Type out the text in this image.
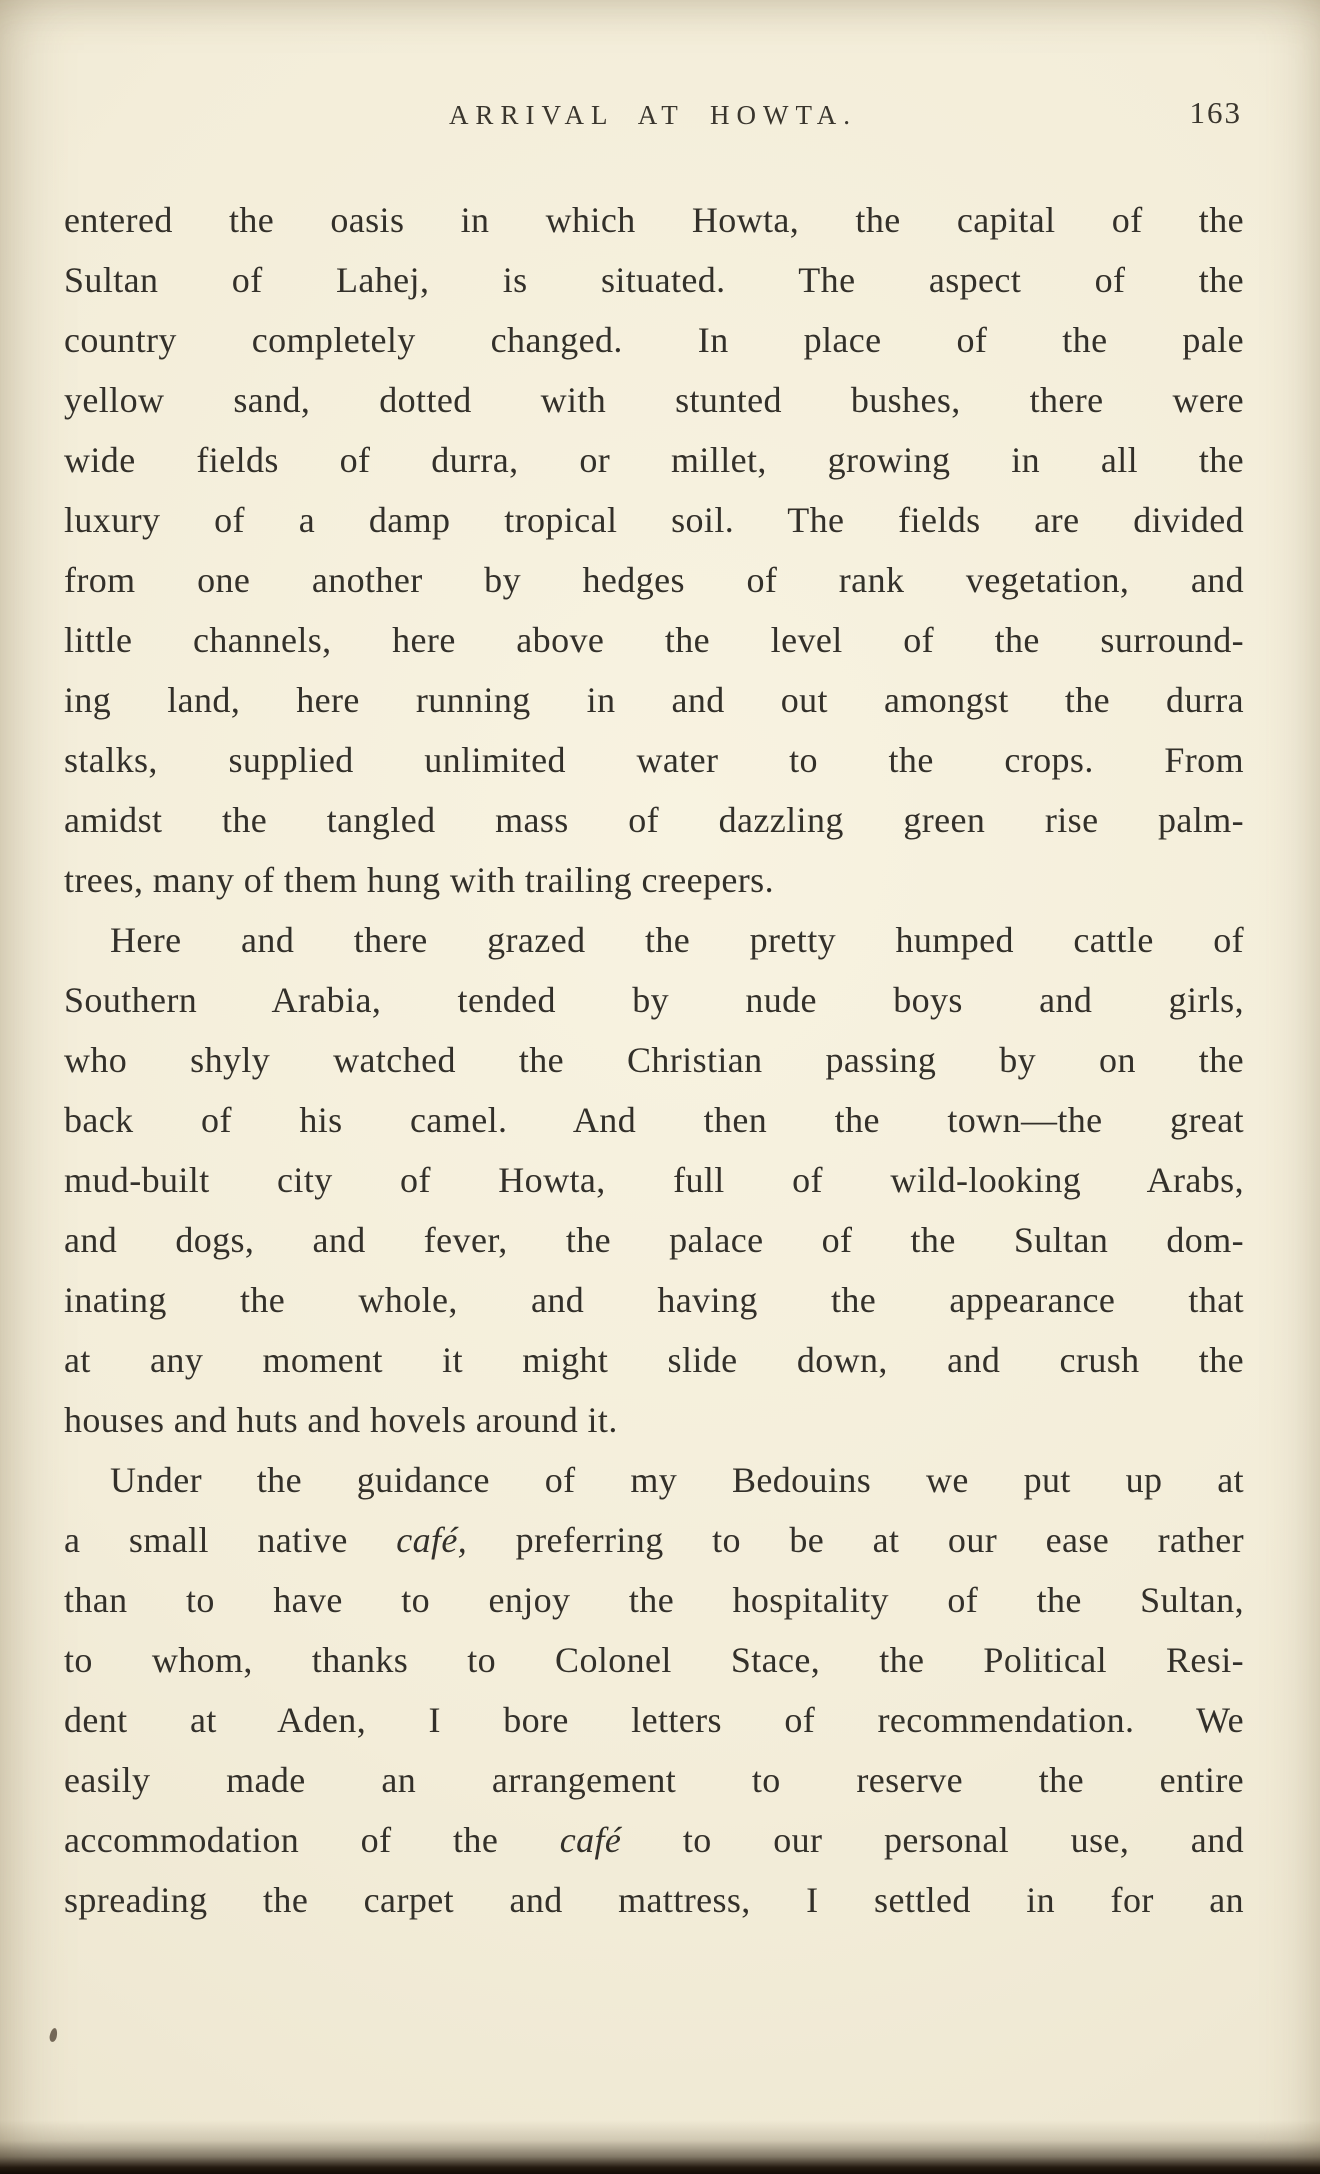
ARRIVAL AT HOWTA.	163
entered the oasis in which Howta, the capital of the
Sultan of Lahej, is situated. The aspect of the
country completely changed. In place of the pale
yellow sand, dotted with stunted bushes, there were
wide fields of durra, or millet, growing in all the
luxury of a damp tropical soil. The fields are divided
from one another by hedges of rank vegetation, and
little channels, here above the level of the surround-
ing land, here running in and out amongst the durra
stalks, supplied unlimited water to the crops. From
amidst the tangled mass of dazzling green rise palm-
trees, many of them hung with trailing creepers.
Here and there grazed the pretty humped cattle of
Southern Arabia, tended by nude boys and girls,
who shyly watched the Christian passing by on the
back of his camel. And then the town—the great
mud-built city of Howta, full of wild-looking Arabs,
and dogs, and fever, the palace of the Sultan dom-
inating the whole, and having the appearance that
at any moment it might slide down, and crush the
houses and huts and hovels around it.
Under the guidance of my Bedouins we put up at
a small native café, preferring to be at our ease rather
than to have to enjoy the hospitality of the Sultan,
to whom, thanks to Colonel Stace, the Political Resi-
dent at Aden, I bore letters of recommendation. We
easily made an arrangement to reserve the entire
accommodation of the café to our personal use, and
spreading the carpet and mattress, I settled in for an
